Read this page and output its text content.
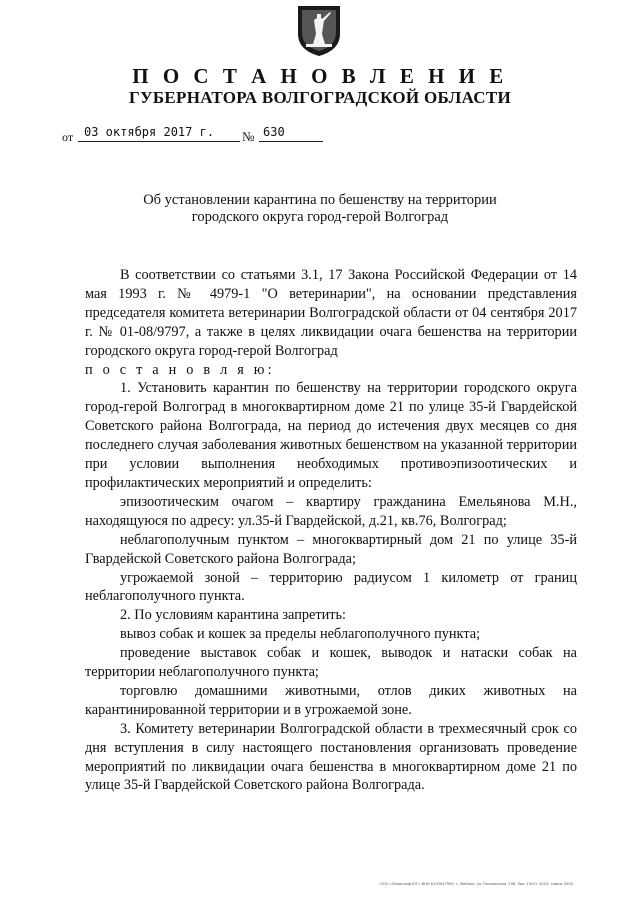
П О С Т А Н О В Л Е Н И Е
ГУБЕРНАТОРА ВОЛГОГРАДСКОЙ ОБЛАСТИ
от 03 октября 2017 г.	№ 630
Об установлении карантина по бешенству на территории
городского округа город-герой Волгоград

В соответствии со статьями 3.1, 17 Закона Российской Федерации от 14 мая 1993 г. № 4979-1 "О ветеринарии", на основании представления председателя комитета ветеринарии Волгоградской области от 04 сентября 2017 г. № 01-08/9797, а также в целях ликвидации очага бешенства на территории городского округа город-герой Волгоград

п о с т а н о в л я ю:

1. Установить карантин по бешенству на территории городского округа город-герой Волгоград в многоквартирном доме 21 по улице 35-й Гвардейской Советского района Волгограда, на период до истечения двух месяцев со дня последнего случая заболевания животных бешенством на указанной территории при условии выполнения необходимых противоэпизоотических и профилактических мероприятий и определить:

эпизоотическим очагом – квартиру гражданина Емельянова М.Н., находящуюся по адресу: ул.35-й Гвардейской, д.21, кв.76, Волгоград;

неблагополучным пунктом – многоквартирный дом 21 по улице 35-й Гвардейской Советского района Волгограда;

угрожаемой зоной – территорию радиусом 1 километр от границ неблагополучного пункта.

2. По условиям карантина запретить:

вывоз собак и кошек за пределы неблагополучного пункта;

проведение выставок собак и кошек, выводок и натаски собак на территории неблагополучного пункта;

торговлю домашними животными, отлов диких животных на карантинированной территории и в угрожаемой зоне.

3. Комитету ветеринарии Волгоградской области в трехмесячный срок со дня вступления в силу настоящего постановления организовать проведение мероприятий по ликвидации очага бешенства в многоквартирном доме 21 по улице 35-й Гвардейской Советского района Волгограда.

ООО «Полиграф-ЮГ» ИНН 6105047999, г. Майкоп, ул. Пионерская, 298. Зак. 19»С» 2015, тираж 5000
